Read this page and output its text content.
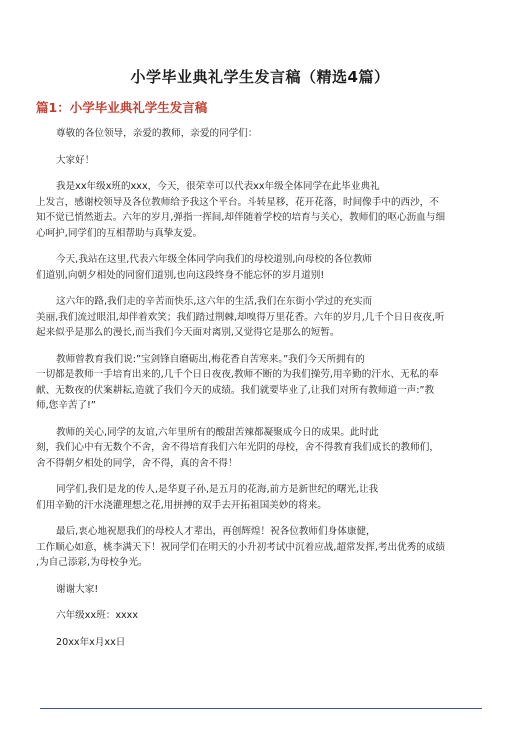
小学毕业典礼学生发言稿（精选4篇）
篇1：小学毕业典礼学生发言稿
尊敬的各位领导，亲爱的教师，亲爱的同学们：
大家好！
我是xx年级x班的xxx，今天，很荣幸可以代表xx年级全体同学在此毕业典礼
上发言，感谢校领导及各位教师给予我这个平台。斗转星移，花开花落，时间像手中的西沙，不
知不觉已悄然逝去。六年的岁月,弹指一挥间,却伴随着学校的培育与关心，教师们的呕心沥血与细
心呵护,同学们的互相帮助与真挚友爱。
今天,我站在这里,代表六年级全体同学向我们的母校道别,向母校的各位教师
们道别,向朝夕相处的同窗们道别,也向这段终身不能忘怀的岁月道别!
这六年的路,我们走的辛苦而快乐,这六年的生活,我们在东街小学过的充实而
美丽,我们流过眼泪,却伴着欢笑；我们踏过荆棘,却嗅得万里花香。六年的岁月,几千个日日夜夜,听
起来似乎是那么的漫长,而当我们今天面对离别,又觉得它是那么的短暂。
教师曾教育我们说:”宝剑锋自磨砺出,梅花香自苦寒来。”我们今天所拥有的
一切都是教师一手培育出来的,几千个日日夜夜,教师不断的为我们操劳,用辛勤的汗水、无私的奉
献、无数夜的伏案耕耘,造就了我们今天的成绩。我们就要毕业了,让我们对所有教师道一声:”教
师,您辛苦了!”
教师的关心,同学的友谊,六年里所有的酸甜苦辣都凝聚成今日的成果。此时此
刻，我们心中有无数个不舍，舍不得培育我们六年光阴的母校，舍不得教育我们成长的教师们，
舍不得朝夕相处的同学，舍不得，真的舍不得！
同学们,我们是龙的传人,是华夏子孙,是五月的花海,前方是新世纪的曙光,让我
们用辛勤的汗水浇灌理想之花,用拼搏的双手去开拓祖国美妙的将来。
最后,衷心地祝愿我们的母校人才辈出，再创辉煌！祝各位教师们身体康健，
工作顺心如意，桃李满天下！祝同学们在明天的小升初考试中沉着应战,超常发挥,考出优秀的成绩
,为自己添彩,为母校争光。
谢谢大家!
六年级xx班：xxxx
20xx年x月xx日
